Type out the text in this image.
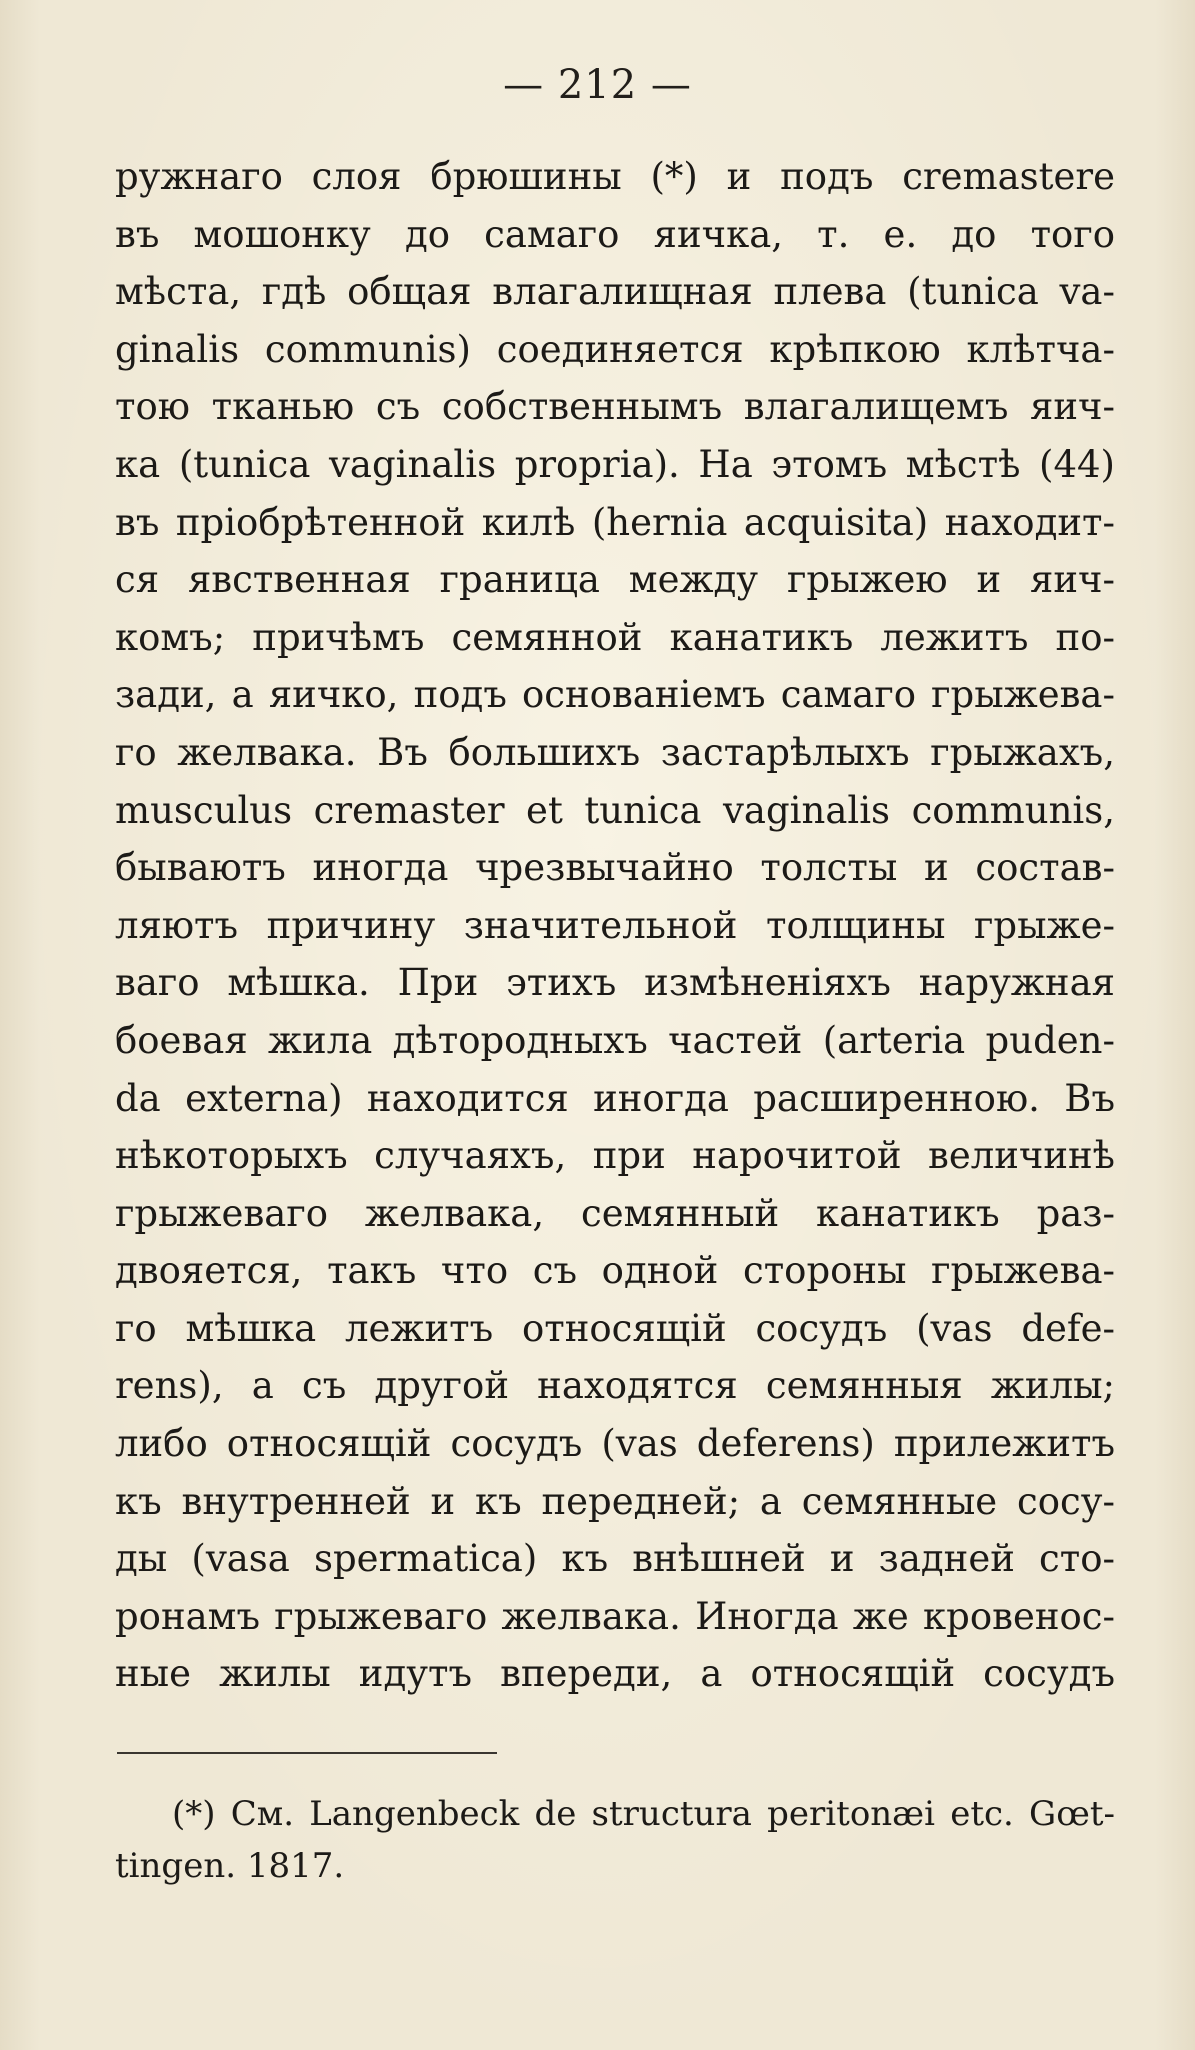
— 212 —
ружнаго слоя брюшины (*) и подъ cremastere
въ мошонку до самаго яичка, т. е. до того
мѣста, гдѣ общая влагалищная плева (tunica va-
ginalis communis) соединяется крѣпкою клѣтча-
тою тканью съ собственнымъ влагалищемъ яич-
ка (tunica vaginalis propria). На этомъ мѣстѣ (44)
въ пріобрѣтенной килѣ (hernia acquisita) находит-
ся явственная граница между грыжею и яич-
комъ; причѣмъ семянной канатикъ лежитъ по-
зади, а яичко, подъ основаніемъ самаго грыжева-
го желвака. Въ большихъ застарѣлыхъ грыжахъ,
musculus cremaster et tunica vaginalis communis,
бываютъ иногда чрезвычайно толсты и состав-
ляютъ причину значительной толщины грыже-
ваго мѣшка. При этихъ измѣненіяхъ наружная
боевая жила дѣтородныхъ частей (arteria puden-
da externa) находится иногда расширенною. Въ
нѣкоторыхъ случаяхъ, при нарочитой величинѣ
грыжеваго желвака, семянный канатикъ раз-
двояется, такъ что съ одной стороны грыжева-
го мѣшка лежитъ относящій сосудъ (vas defe-
rens), а съ другой находятся семянныя жилы;
либо относящій сосудъ (vas deferens) прилежитъ
къ внутренней и къ передней; а семянные сосу-
ды (vasa spermatica) къ внѣшней и задней сто-
ронамъ грыжеваго желвака. Иногда же кровенос-
ные жилы идутъ впереди, а относящій сосудъ
(*) См. Langenbeck de structura peritonæi etc. Gœt-
tingen. 1817.
